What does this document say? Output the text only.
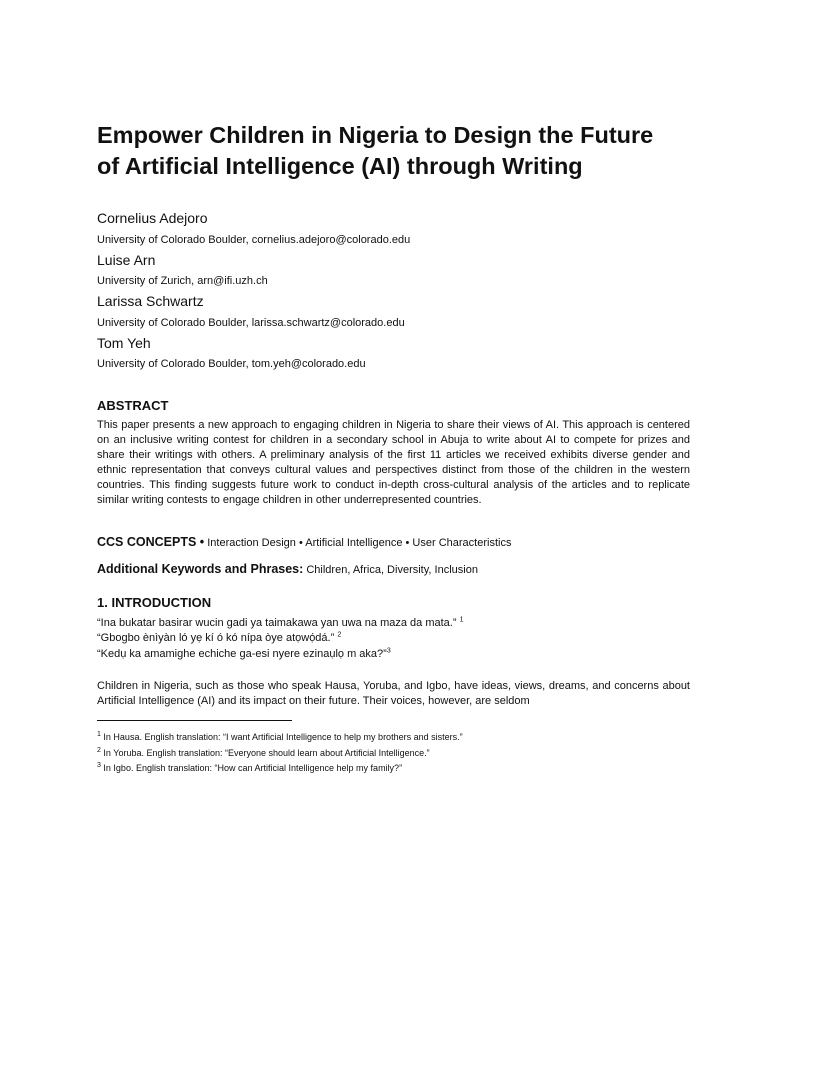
Empower Children in Nigeria to Design the Future
of Artificial Intelligence (AI) through Writing
Cornelius Adejoro
University of Colorado Boulder, cornelius.adejoro@colorado.edu
Luise Arn
University of Zurich, arn@ifi.uzh.ch
Larissa Schwartz
University of Colorado Boulder, larissa.schwartz@colorado.edu
Tom Yeh
University of Colorado Boulder, tom.yeh@colorado.edu
ABSTRACT

This paper presents a new approach to engaging children in Nigeria to share their views of AI. This approach is centered on an inclusive writing contest for children in a secondary school in Abuja to write about AI to compete for prizes and share their writings with others. A preliminary analysis of the first 11 articles we received exhibits diverse gender and ethnic representation that conveys cultural values and perspectives distinct from those of the children in the western countries. This finding suggests future work to conduct in-depth cross-cultural analysis of the articles and to replicate similar writing contests to engage children in other underrepresented countries.

CCS CONCEPTS • Interaction Design • Artificial Intelligence • User Characteristics
Additional Keywords and Phrases: Children, Africa, Diversity, Inclusion
1. INTRODUCTION
“Ina bukatar basirar wucin gadi ya taimakawa yan uwa na maza da mata.” $^1$
“Gbogbo ènìyàn ló yẹ kí ó kó nípa òye atọwọ́dá.” $^2$
“Kedụ ka amamighe echiche ga-esi nyere ezinaụlọ m aka?”$^3$

Children in Nigeria, such as those who speak Hausa, Yoruba, and Igbo, have ideas, views, dreams, and concerns about Artificial Intelligence (AI) and its impact on their future. Their voices, however, are seldom

$^1$ In Hausa. English translation: “I want Artificial Intelligence to help my brothers and sisters.”
$^2$ In Yoruba. English translation: “Everyone should learn about Artificial Intelligence.”
$^3$ In Igbo. English translation: “How can Artificial Intelligence help my family?”
